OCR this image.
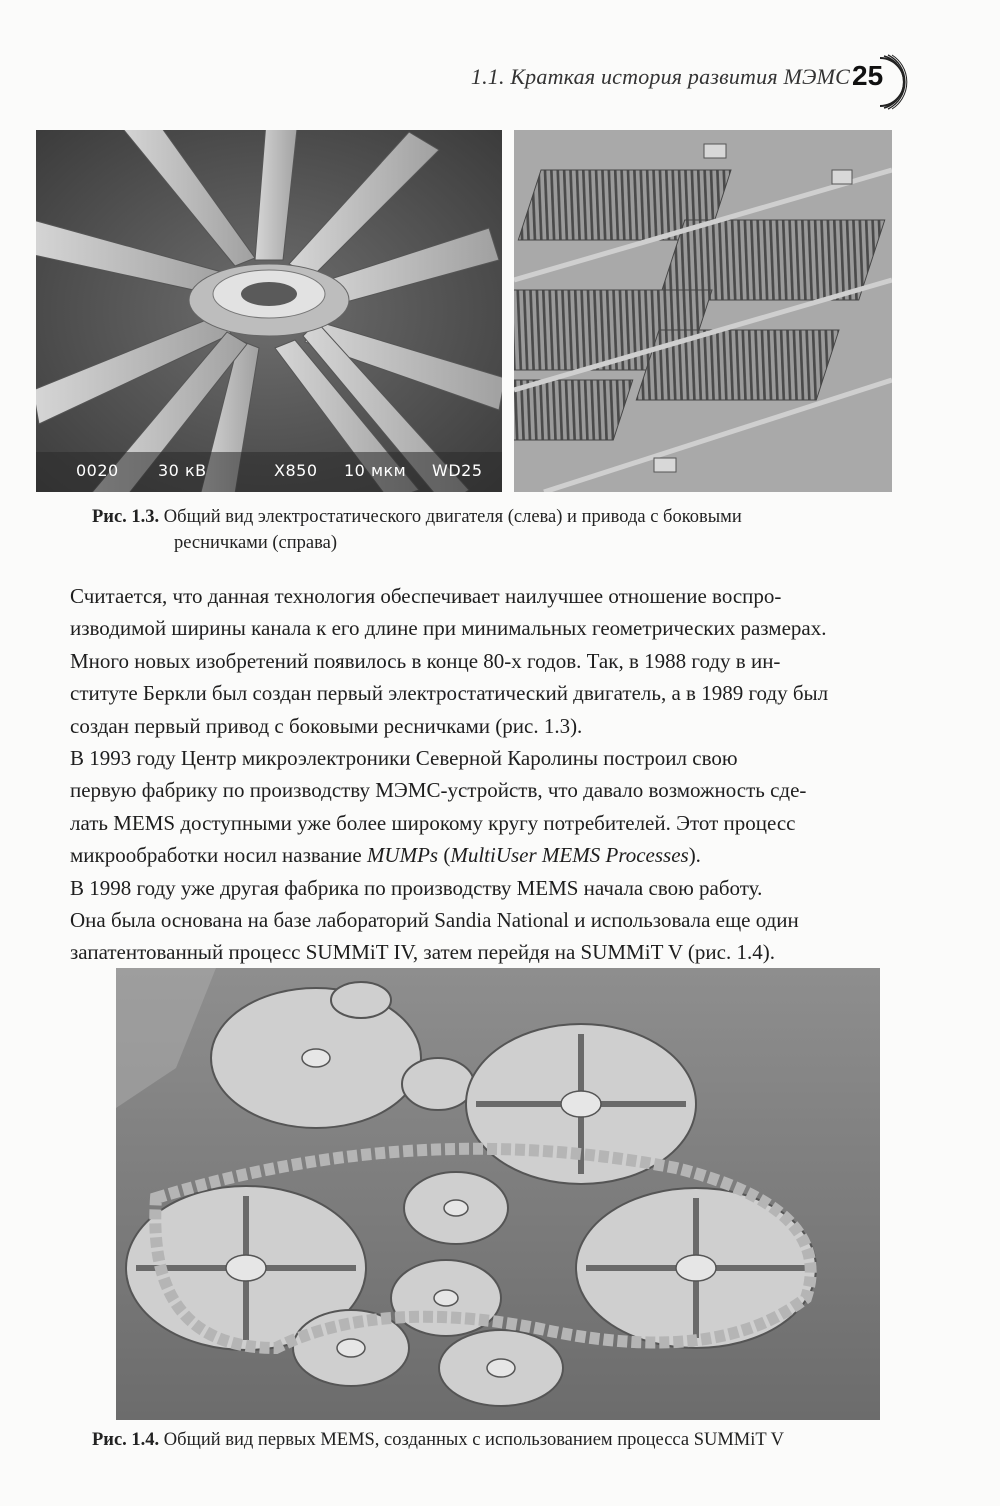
1.1. Краткая история развития МЭМС 25
0020 30 кВ	X850 10 мкм WD25
Рис. 1.3. Общий вид электростатического двигателя (слева) и привода с боковыми
ресничками (справа)
Считается, что данная технология обеспечивает наилучшее отношение воспро-
изводимой ширины канала к его длине при минимальных геометрических размерах.
Много новых изобретений появилось в конце 80-х годов. Так, в 1988 году в ин-
ституте Беркли был создан первый электростатический двигатель, а в 1989 году был
создан первый привод с боковыми ресничками (рис. 1.3).
В 1993 году Центр микроэлектроники Северной Каролины построил свою
первую фабрику по производству МЭМС-устройств, что давало возможность сде-
лать MEMS доступными уже более широкому кругу потребителей. Этот процесс
микрообработки носил название MUMPs (MultiUser MEMS Processes).
В 1998 году уже другая фабрика по производству MEMS начала свою работу.
Она была основана на базе лабораторий Sandia National и использовала еще один
запатентованный процесс SUMMiT IV, затем перейдя на SUMMiT V (рис. 1.4).
Рис. 1.4. Общий вид первых MEMS, созданных с использованием процесса SUMMiT V
